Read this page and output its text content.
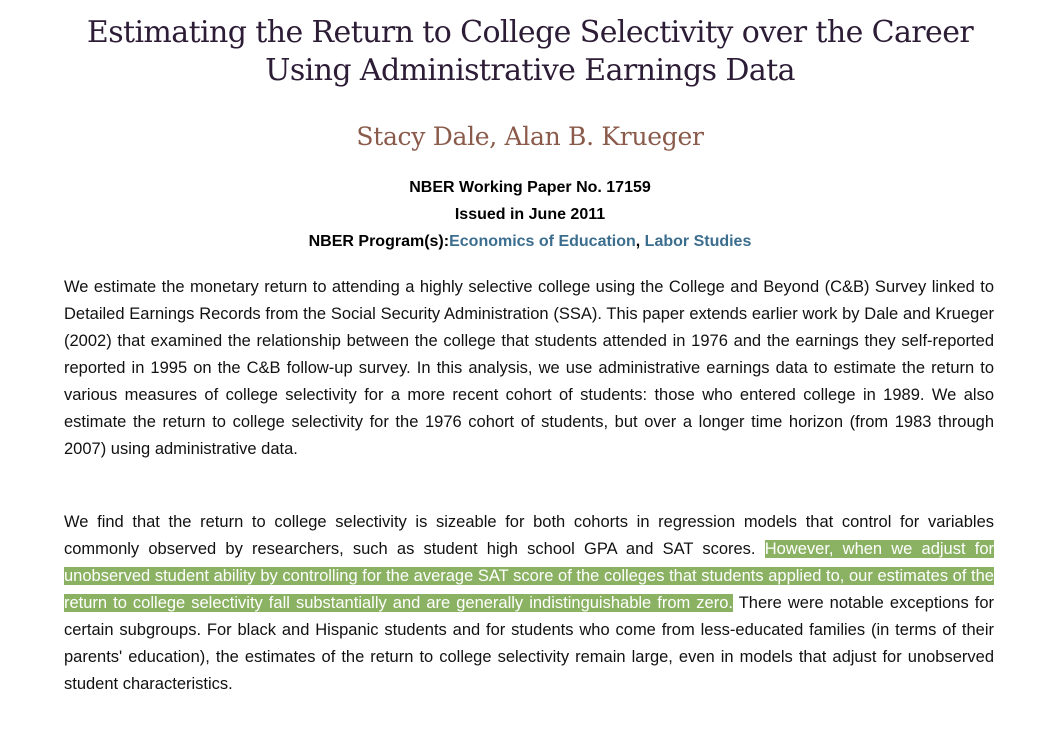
Estimating the Return to College Selectivity over the Career Using Administrative Earnings Data
Stacy Dale, Alan B. Krueger
NBER Working Paper No. 17159
Issued in June 2011
NBER Program(s):Economics of Education, Labor Studies

We estimate the monetary return to attending a highly selective college using the College and Beyond (C&B) Survey linked to Detailed Earnings Records from the Social Security Administration (SSA). This paper extends earlier work by Dale and Krueger (2002) that examined the relationship between the college that students attended in 1976 and the earnings they self-reported reported in 1995 on the C&B follow-up survey. In this analysis, we use administrative earnings data to estimate the return to various measures of college selectivity for a more recent cohort of students: those who entered college in 1989. We also estimate the return to college selectivity for the 1976 cohort of students, but over a longer time horizon (from 1983 through 2007) using administrative data.

We find that the return to college selectivity is sizeable for both cohorts in regression models that control for variables commonly observed by researchers, such as student high school GPA and SAT scores. However, when we adjust for unobserved student ability by controlling for the average SAT score of the colleges that students applied to, our estimates of the return to college selectivity fall substantially and are generally indistinguishable from zero. There were notable exceptions for certain subgroups. For black and Hispanic students and for students who come from less-educated families (in terms of their parents' education), the estimates of the return to college selectivity remain large, even in models that adjust for unobserved student characteristics.
